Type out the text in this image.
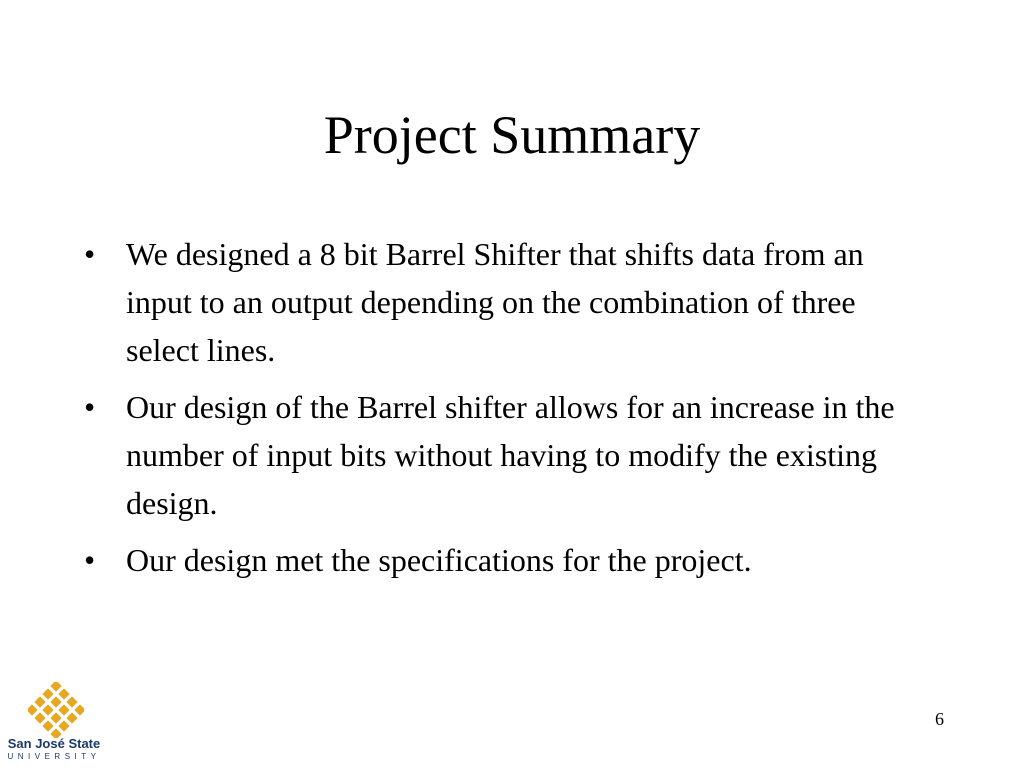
Project Summary
• We designed a 8 bit Barrel Shifter that shifts data from an input to an output depending on the combination of three select lines.
• Our design of the Barrel shifter allows for an increase in the number of input bits without having to modify the existing design.
• Our design met the specifications for the project.
6
San José State
UNIVERSITY
